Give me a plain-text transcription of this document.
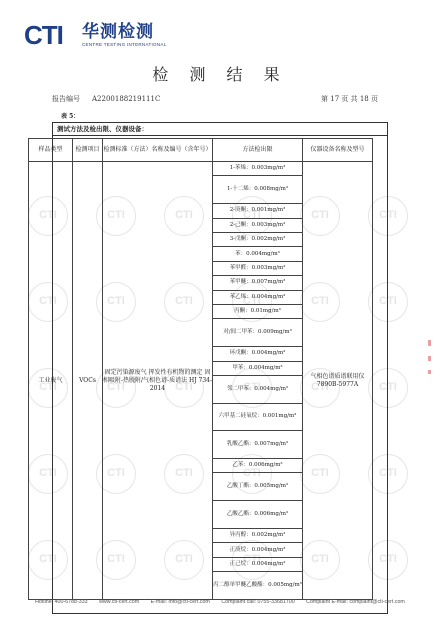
CTI
CTI
CTI
CTI
CTI
CTI
CTI
CTI
CTI
CTI
CTI
CTI
CTI
CTI
CTI
CTI
CTI
CTI
CTI
CTI
CTI
CTI
CTI
CTI
CTI
CTI
CTI
CTI
CTI
CTI
CTI 华测检测
CENTRE TESTING INTERNATIONAL
检 测 结 果
报告编号 A2200188219111C	第 17 页 共 18 页
表 5：
测试方法及检出限、仪器设备：
样品类型	检测项目	检测标准（方法）名称及编号（含年号）	方法检出限	仪器设备名称及型号
工业废气	VOCs	固定污染源废气 挥发性有机物的测定 固相吸附-热脱附/气相色谱-质谱法 HJ 734-2014	1-苯烯：0.003mg/m³	气相色谱质谱联用仪 7890B-5977A
			1-十二烯：0.008mg/m³	
			2-庚酮：0.001mg/m³	
			2-己酮：0.003mg/m³	
			3-戊酮：0.002mg/m³	
			苯：0.004mg/m³	
			苯甲醛：0.003mg/m³	
			苯甲醚：0.007mg/m³	
			苯乙烯：0.004mg/m³	
			丙酮：0.01mg/m³	
			对/间二甲苯：0.009mg/m³	
			环戊酮：0.004mg/m³	
			甲苯：0.004mg/m³	
			邻二甲苯：0.004mg/m³	
			六甲基二硅氧烷：0.001mg/m³	
			乳酸乙酯：0.007mg/m³	
			乙苯：0.006mg/m³	
			乙酸丁酯：0.005mg/m³	
			乙酸乙酯：0.006mg/m³	
			异丙醇：0.002mg/m³	
			正庚烷：0.004mg/m³	
			正己烷：0.004mg/m³	
			丙二醇单甲醚乙酸酯：0.005mg/m³	
Hotline: 400-6788-333 www.cti-cert.com E-mail: info@cti-cert.com Complaint call: 0755-33681700 Complaint E-mail: complaint@cti-cert.com
